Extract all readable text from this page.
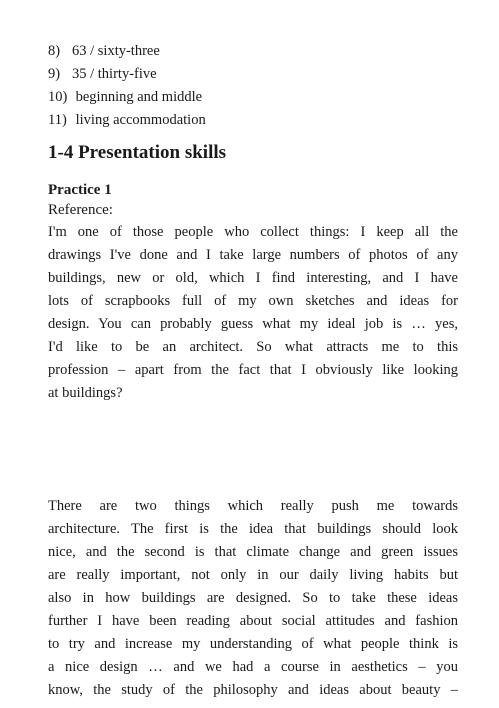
8) 63 / sixty-three
9) 35 / thirty-five
10) beginning and middle
11) living accommodation
1-4 Presentation skills
Practice 1
Reference:
I'm one of those people who collect things: I keep all the
drawings I've done and I take large numbers of photos of any
buildings, new or old, which I find interesting, and I have
lots of scrapbooks full of my own sketches and ideas for
design. You can probably guess what my ideal job is … yes,
I'd like to be an architect. So what attracts me to this
profession – apart from the fact that I obviously like looking
at buildings?
There are two things which really push me towards
architecture. The first is the idea that buildings should look
nice, and the second is that climate change and green issues
are really important, not only in our daily living habits but
also in how buildings are designed. So to take these ideas
further I have been reading about social attitudes and fashion
to try and increase my understanding of what people think is
a nice design … and we had a course in aesthetics – you
know, the study of the philosophy and ideas about beauty –
